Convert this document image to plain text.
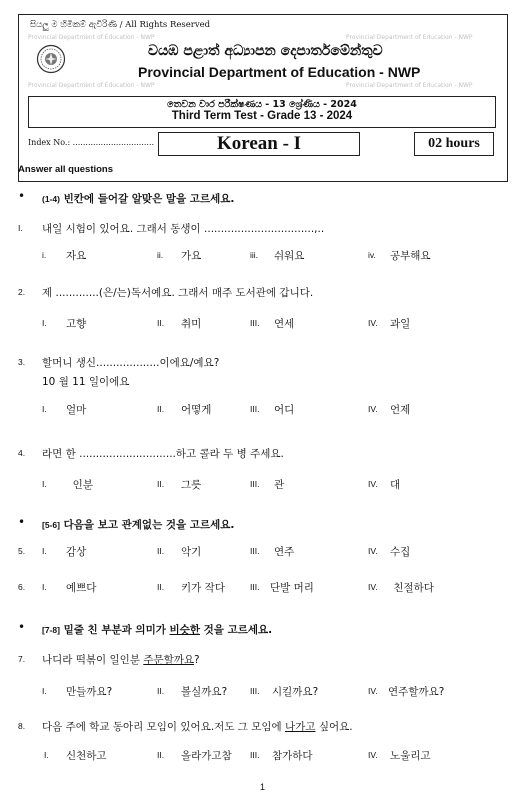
සියලු ම හිමිකම් ඇවිරිණි / All Rights Reserved
Provincial Department of Education - NWP	Provincial Department of Education - NWP
Provincial Department of Education - NWP	Provincial Department of Education - NWP
වයඹ පළාත් අධ්‍යාපන දෙපාර්තමේන්තුව
Provincial Department of Education - NWP
තෙවන වාර පරීක්ෂණය - 13 ශ්‍රේණිය - 2024
Third Term Test - Grade 13 - 2024
Index No.: ................................	Korean - I	02 hours
Answer all questions
• (1-4) 빈칸에 들어갈 알맞은 말을 고르세요.
I. 내일 시험이 있어요. 그래서 동생이 .................................,..
i. 자요	ii. 가요	iii. 쉬워요	iv. 공부해요
2. 제 .............(은/는)독서예요. 그래서 매주 도서관에 갑니다.
I. 고향	II. 취미	III. 연세	IV. 과일
3. 할머니 생신...................이에요/예요?
10 월 11 일이에요
I. 얼마	II. 어떻게	III. 어디	IV. 언제
4. 라면 한 .............................하고 콜라 두 병 주세요.
I. 인분	II. 그릇	III. 관	IV. 대
• [5-6] 다음을 보고 관계없는 것을 고르세요.
5. I. 감상	II. 악기	III. 연주	IV. 수집
6. I. 예쁘다	II. 키가 작다	III. 단발 머리	IV. 친절하다
• [7-8] 밑줄 친 부분과 의미가 비슷한 것을 고르세요.
7. 나디라 떡볶이 일인분 주문할까요?
I. 만들까요?	II. 볼실까요?	III. 시킬까요?	IV. 연주할까요?
8. 다음 주에 학교 동아리 모임이 있어요.저도 그 모임에 나가고 싶어요.
I. 신천하고	II. 올라가고참 III. 참가하다	IV. 노울리고
1
